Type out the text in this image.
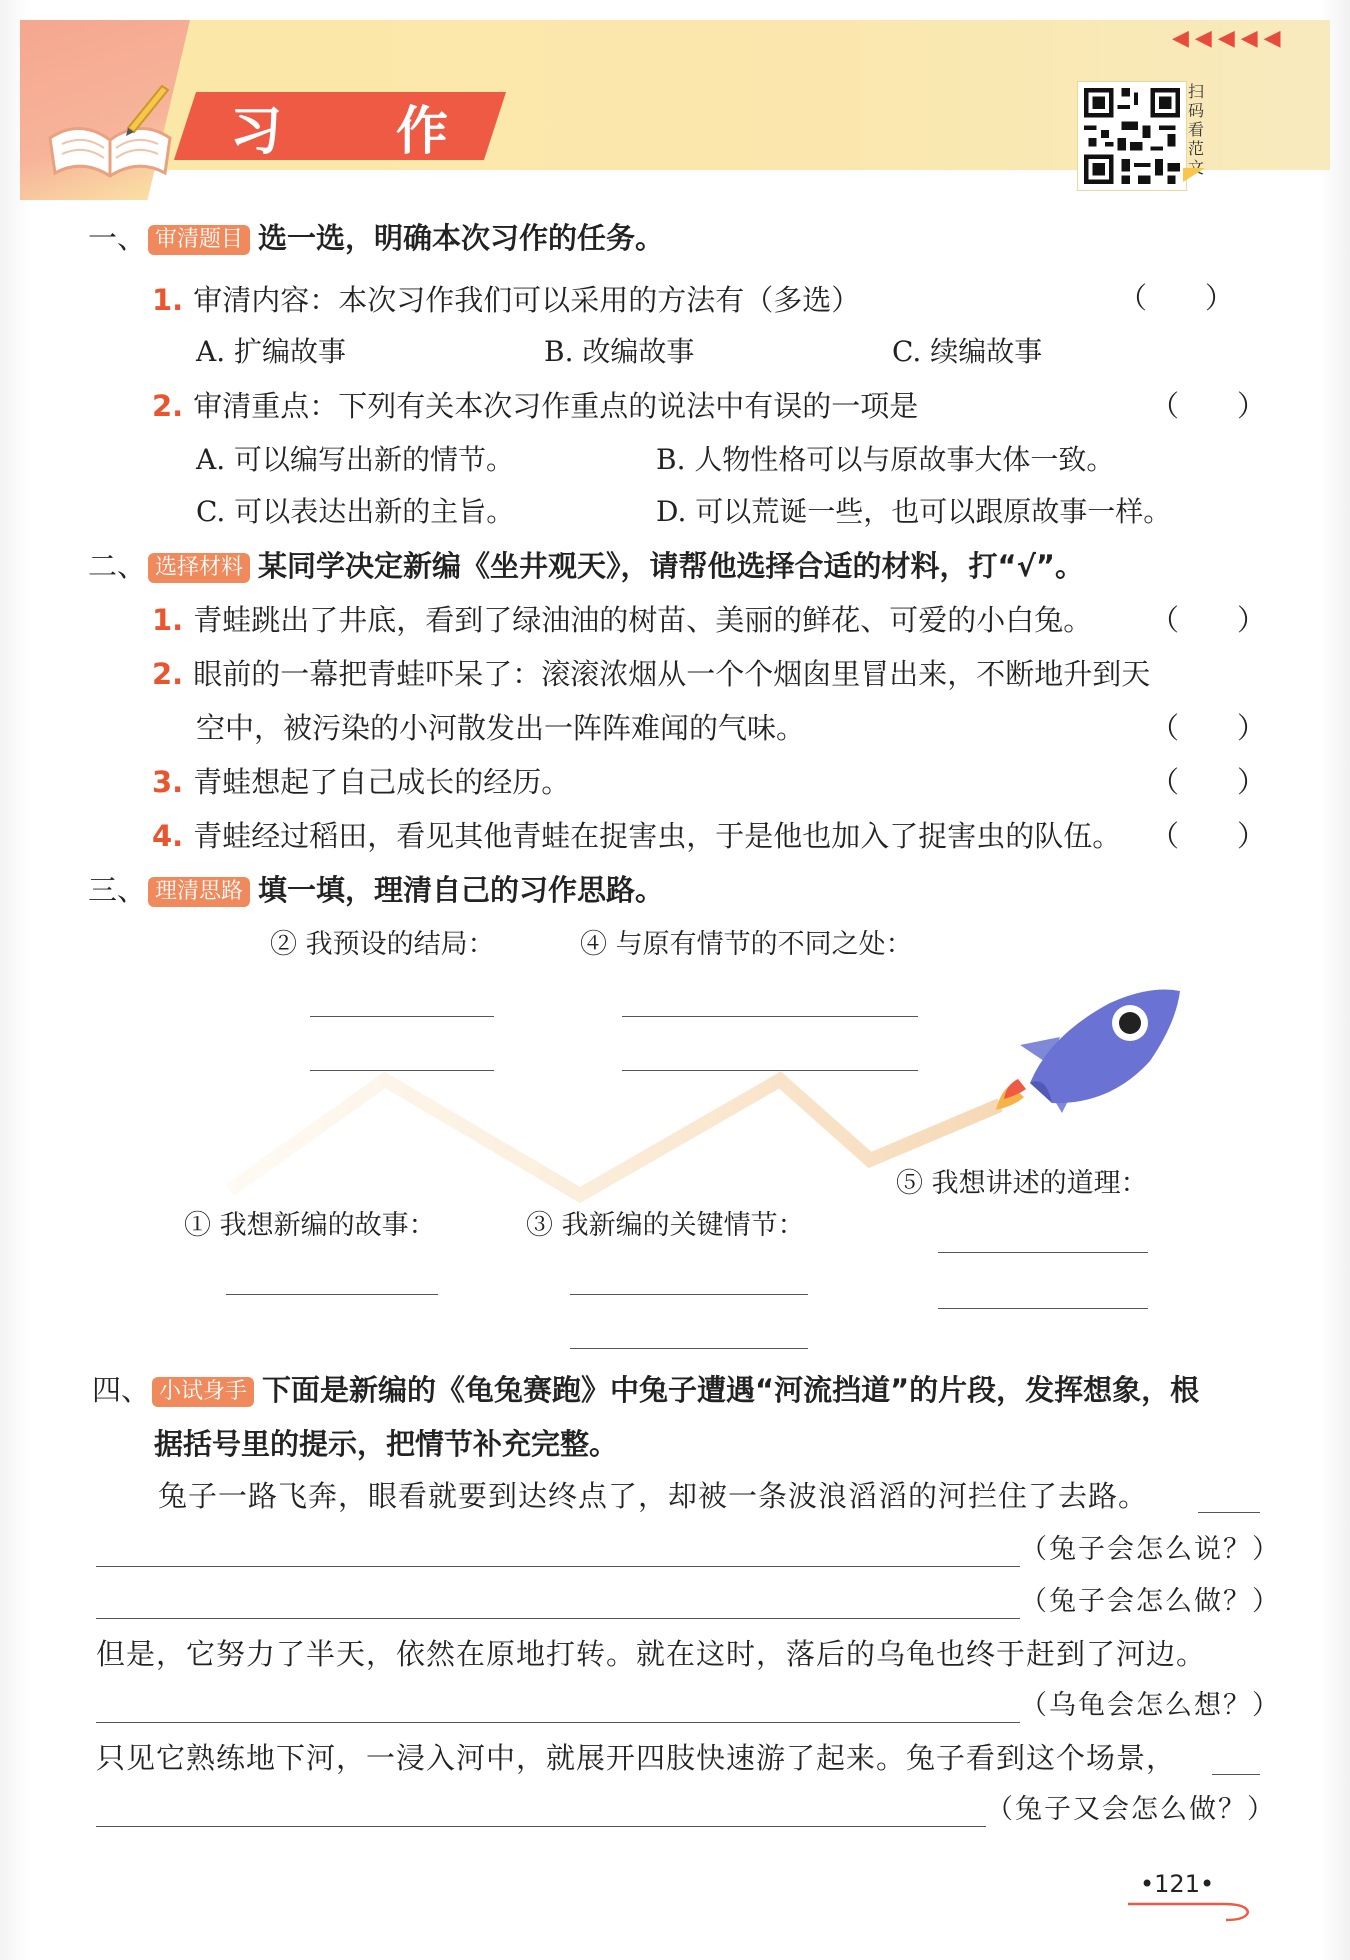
习 作
◀◀◀◀◀
扫码看范文
一、 审清题目 选一选，明确本次习作的任务。
1. 审清内容：本次习作我们可以采用的方法有（多选）	（　　）
A. 扩编故事	B. 改编故事	C. 续编故事
2. 审清重点：下列有关本次习作重点的说法中有误的一项是	（　　）
A. 可以编写出新的情节。	B. 人物性格可以与原故事大体一致。
C. 可以表达出新的主旨。	D. 可以荒诞一些，也可以跟原故事一样。
二、 选择材料 某同学决定新编《坐井观天》，请帮他选择合适的材料，打“√”。
1. 青蛙跳出了井底，看到了绿油油的树苗、美丽的鲜花、可爱的小白兔。 （　　）
2. 眼前的一幕把青蛙吓呆了：滚滚浓烟从一个个烟囱里冒出来，不断地升到天
空中，被污染的小河散发出一阵阵难闻的气味。	（　　）
3. 青蛙想起了自己成长的经历。	（　　）
4. 青蛙经过稻田，看见其他青蛙在捉害虫，于是他也加入了捉害虫的队伍。 （　　）
三、 理清思路 填一填，理清自己的习作思路。
② 我预设的结局：	④ 与原有情节的不同之处：
⑤ 我想讲述的道理：
① 我想新编的故事：	③ 我新编的关键情节：
四、 小试身手 下面是新编的《龟兔赛跑》中兔子遭遇“河流挡道”的片段，发挥想象，根
据括号里的提示，把情节补充完整。
兔子一路飞奔，眼看就要到达终点了，却被一条波浪滔滔的河拦住了去路。
（兔子会怎么说？）
（兔子会怎么做？）
但是，它努力了半天，依然在原地打转。就在这时，落后的乌龟也终于赶到了河边。
（乌龟会怎么想？）
只见它熟练地下河，一浸入河中，就展开四肢快速游了起来。兔子看到这个场景，
（兔子又会怎么做？）
•121•
